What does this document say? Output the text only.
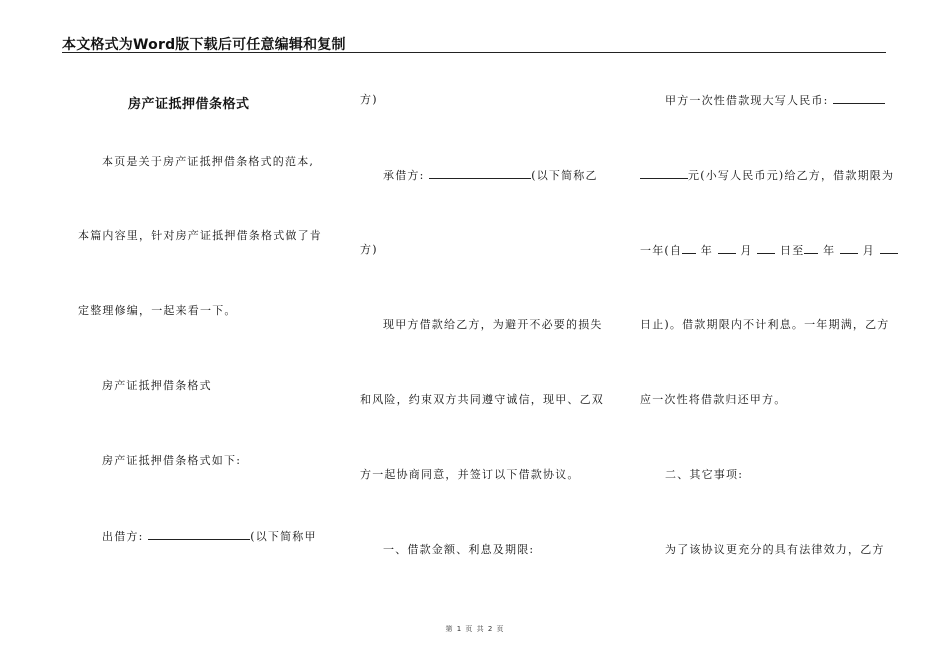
本文格式为Word版下载后可任意编辑和复制
房产证抵押借条格式
本页是关于房产证抵押借条格式的范本,
本篇内容里，针对房产证抵押借条格式做了肯
定整理修编，一起来看一下。
房产证抵押借条格式
房产证抵押借条格式如下:
出借方:	(以下简称甲
方)
承借方:	(以下简称乙
方)
现甲方借款给乙方，为避开不必要的损失
和风险，约束双方共同遵守诚信，现甲、乙双
方一起协商同意，并签订以下借款协议。
一、借款金额、利息及期限:
甲方一次性借款现大写人民币:
元(小写人民币元)给乙方，借款期限为
一年(自 年 月 日至 年 月
日止)。借款期限内不计利息。一年期满，乙方
应一次性将借款归还甲方。
二、其它事项:
为了该协议更充分的具有法律效力，乙方
第 1 页 共 2 页
